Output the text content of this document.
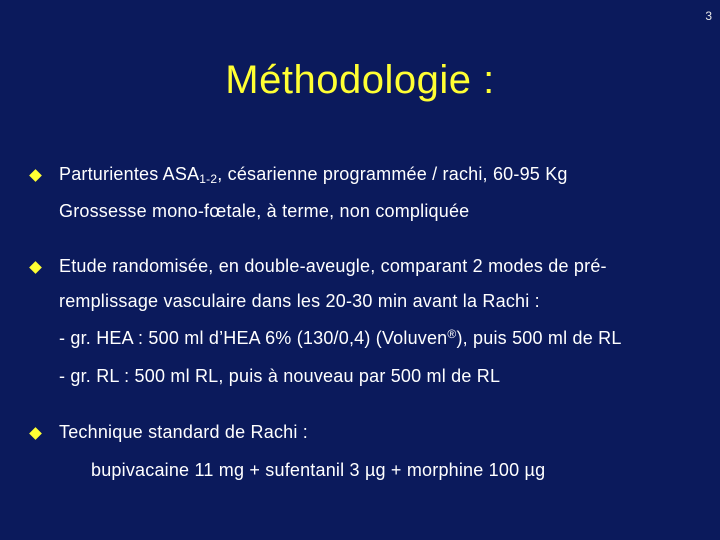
3
Méthodologie :
Parturientes $ASA_{1-2}$, césarienne programmée / rachi, 60-95 Kg
Grossesse mono-fœtale, à terme, non compliquée
Etude randomisée, en double-aveugle, comparant 2 modes de pré-
remplissage vasculaire dans les 20-30 min avant la Rachi :
- gr. HEA : 500 ml d’HEA 6% (130/0,4) (Voluven®), puis 500 ml de RL
- gr. RL : 500 ml RL, puis à nouveau par 500 ml de RL
Technique standard de Rachi :
bupivacaine 11 mg + sufentanil 3 µg + morphine 100 µg
